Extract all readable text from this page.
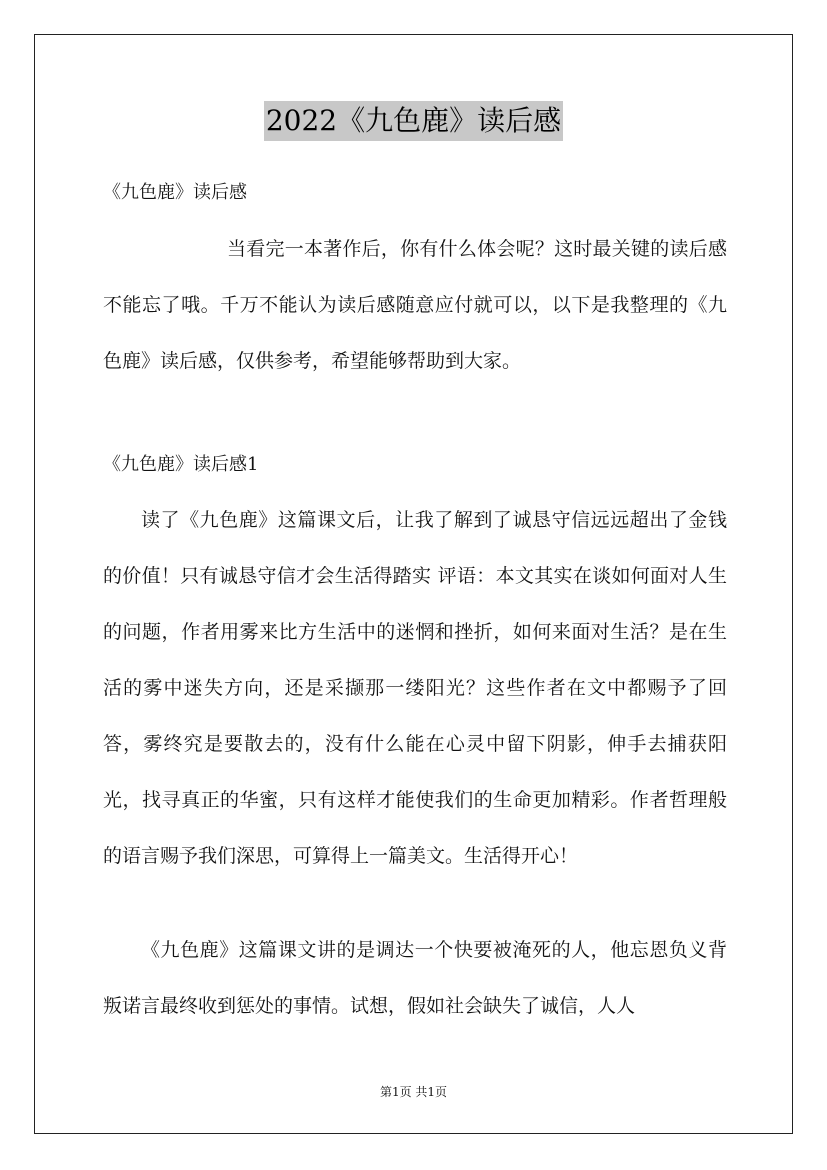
2022《九色鹿》读后感

《九色鹿》读后感

当看完一本著作后，你有什么体会呢？这时最关键的读后感不能忘了哦。千万不能认为读后感随意应付就可以，以下是我整理的《九色鹿》读后感，仅供参考，希望能够帮助到大家。

《九色鹿》读后感1

读了《九色鹿》这篇课文后，让我了解到了诚恳守信远远超出了金钱的价值！只有诚恳守信才会生活得踏实 评语：本文其实在谈如何面对人生的问题，作者用雾来比方生活中的迷惘和挫折，如何来面对生活？是在生活的雾中迷失方向，还是采撷那一缕阳光？这些作者在文中都赐予了回答，雾终究是要散去的，没有什么能在心灵中留下阴影，伸手去捕获阳光，找寻真正的华蜜，只有这样才能使我们的生命更加精彩。作者哲理般的语言赐予我们深思，可算得上一篇美文。生活得开心！

《九色鹿》这篇课文讲的是调达一个快要被淹死的人，他忘恩负义背叛诺言最终收到惩处的事情。试想，假如社会缺失了诚信，人人

第1页 共1页
